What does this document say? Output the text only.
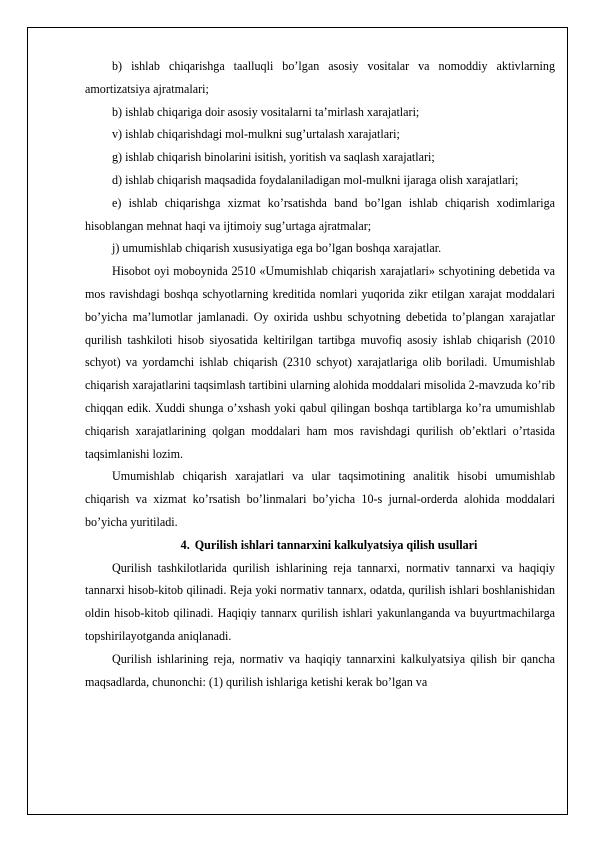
b) ishlab chiqarishga taalluqli bo’lgan asosiy vositalar va nomoddiy aktivlarning amortizatsiya ajratmalari;

b) ishlab chiqariga doir asosiy vositalarni ta’mirlash xarajatlari;

v) ishlab chiqarishdagi mol-mulkni sug’urtalash xarajatlari;

g) ishlab chiqarish binolarini isitish, yoritish va saqlash xarajatlari;

d) ishlab chiqarish maqsadida foydalaniladigan mol-mulkni ijaraga olish xarajatlari;

e) ishlab chiqarishga xizmat ko’rsatishda band bo’lgan ishlab chiqarish xodimlariga hisoblangan mehnat haqi va ijtimoiy sug’urtaga ajratmalar;

j) umumishlab chiqarish xususiyatiga ega bo’lgan boshqa xarajatlar.

Hisobot oyi moboynida 2510 «Umumishlab chiqarish xarajatlari» schyotining debetida va mos ravishdagi boshqa schyotlarning kreditida nomlari yuqorida zikr etilgan xarajat moddalari bo’yicha ma’lumotlar jamlanadi. Oy oxirida ushbu schyotning debetida to’plangan xarajatlar qurilish tashkiloti hisob siyosatida keltirilgan tartibga muvofiq asosiy ishlab chiqarish (2010 schyot) va yordamchi ishlab chiqarish (2310 schyot) xarajatlariga olib boriladi. Umumishlab chiqarish xarajatlarini taqsimlash tartibini ularning alohida moddalari misolida 2-mavzuda ko’rib chiqqan edik. Xuddi shunga o’xshash yoki qabul qilingan boshqa tartiblarga ko’ra umumishlab chiqarish xarajatlarining qolgan moddalari ham mos ravishdagi qurilish ob’ektlari o’rtasida taqsimlanishi lozim.

Umumishlab chiqarish xarajatlari va ular taqsimotining analitik hisobi umumishlab chiqarish va xizmat ko’rsatish bo’linmalari bo’yicha 10-s jurnal-orderda alohida moddalari bo’yicha yuritiladi.

4. Qurilish ishlari tannarxini kalkulyatsiya qilish usullari

Qurilish tashkilotlarida qurilish ishlarining reja tannarxi, normativ tannarxi va haqiqiy tannarxi hisob-kitob qilinadi. Reja yoki normativ tannarx, odatda, qurilish ishlari boshlanishidan oldin hisob-kitob qilinadi. Haqiqiy tannarx qurilish ishlari yakunlanganda va buyurtmachilarga topshirilayotganda aniqlanadi.

Qurilish ishlarining reja, normativ va haqiqiy tannarxini kalkulyatsiya qilish bir qancha maqsadlarda, chunonchi: (1) qurilish ishlariga ketishi kerak bo’lgan va
